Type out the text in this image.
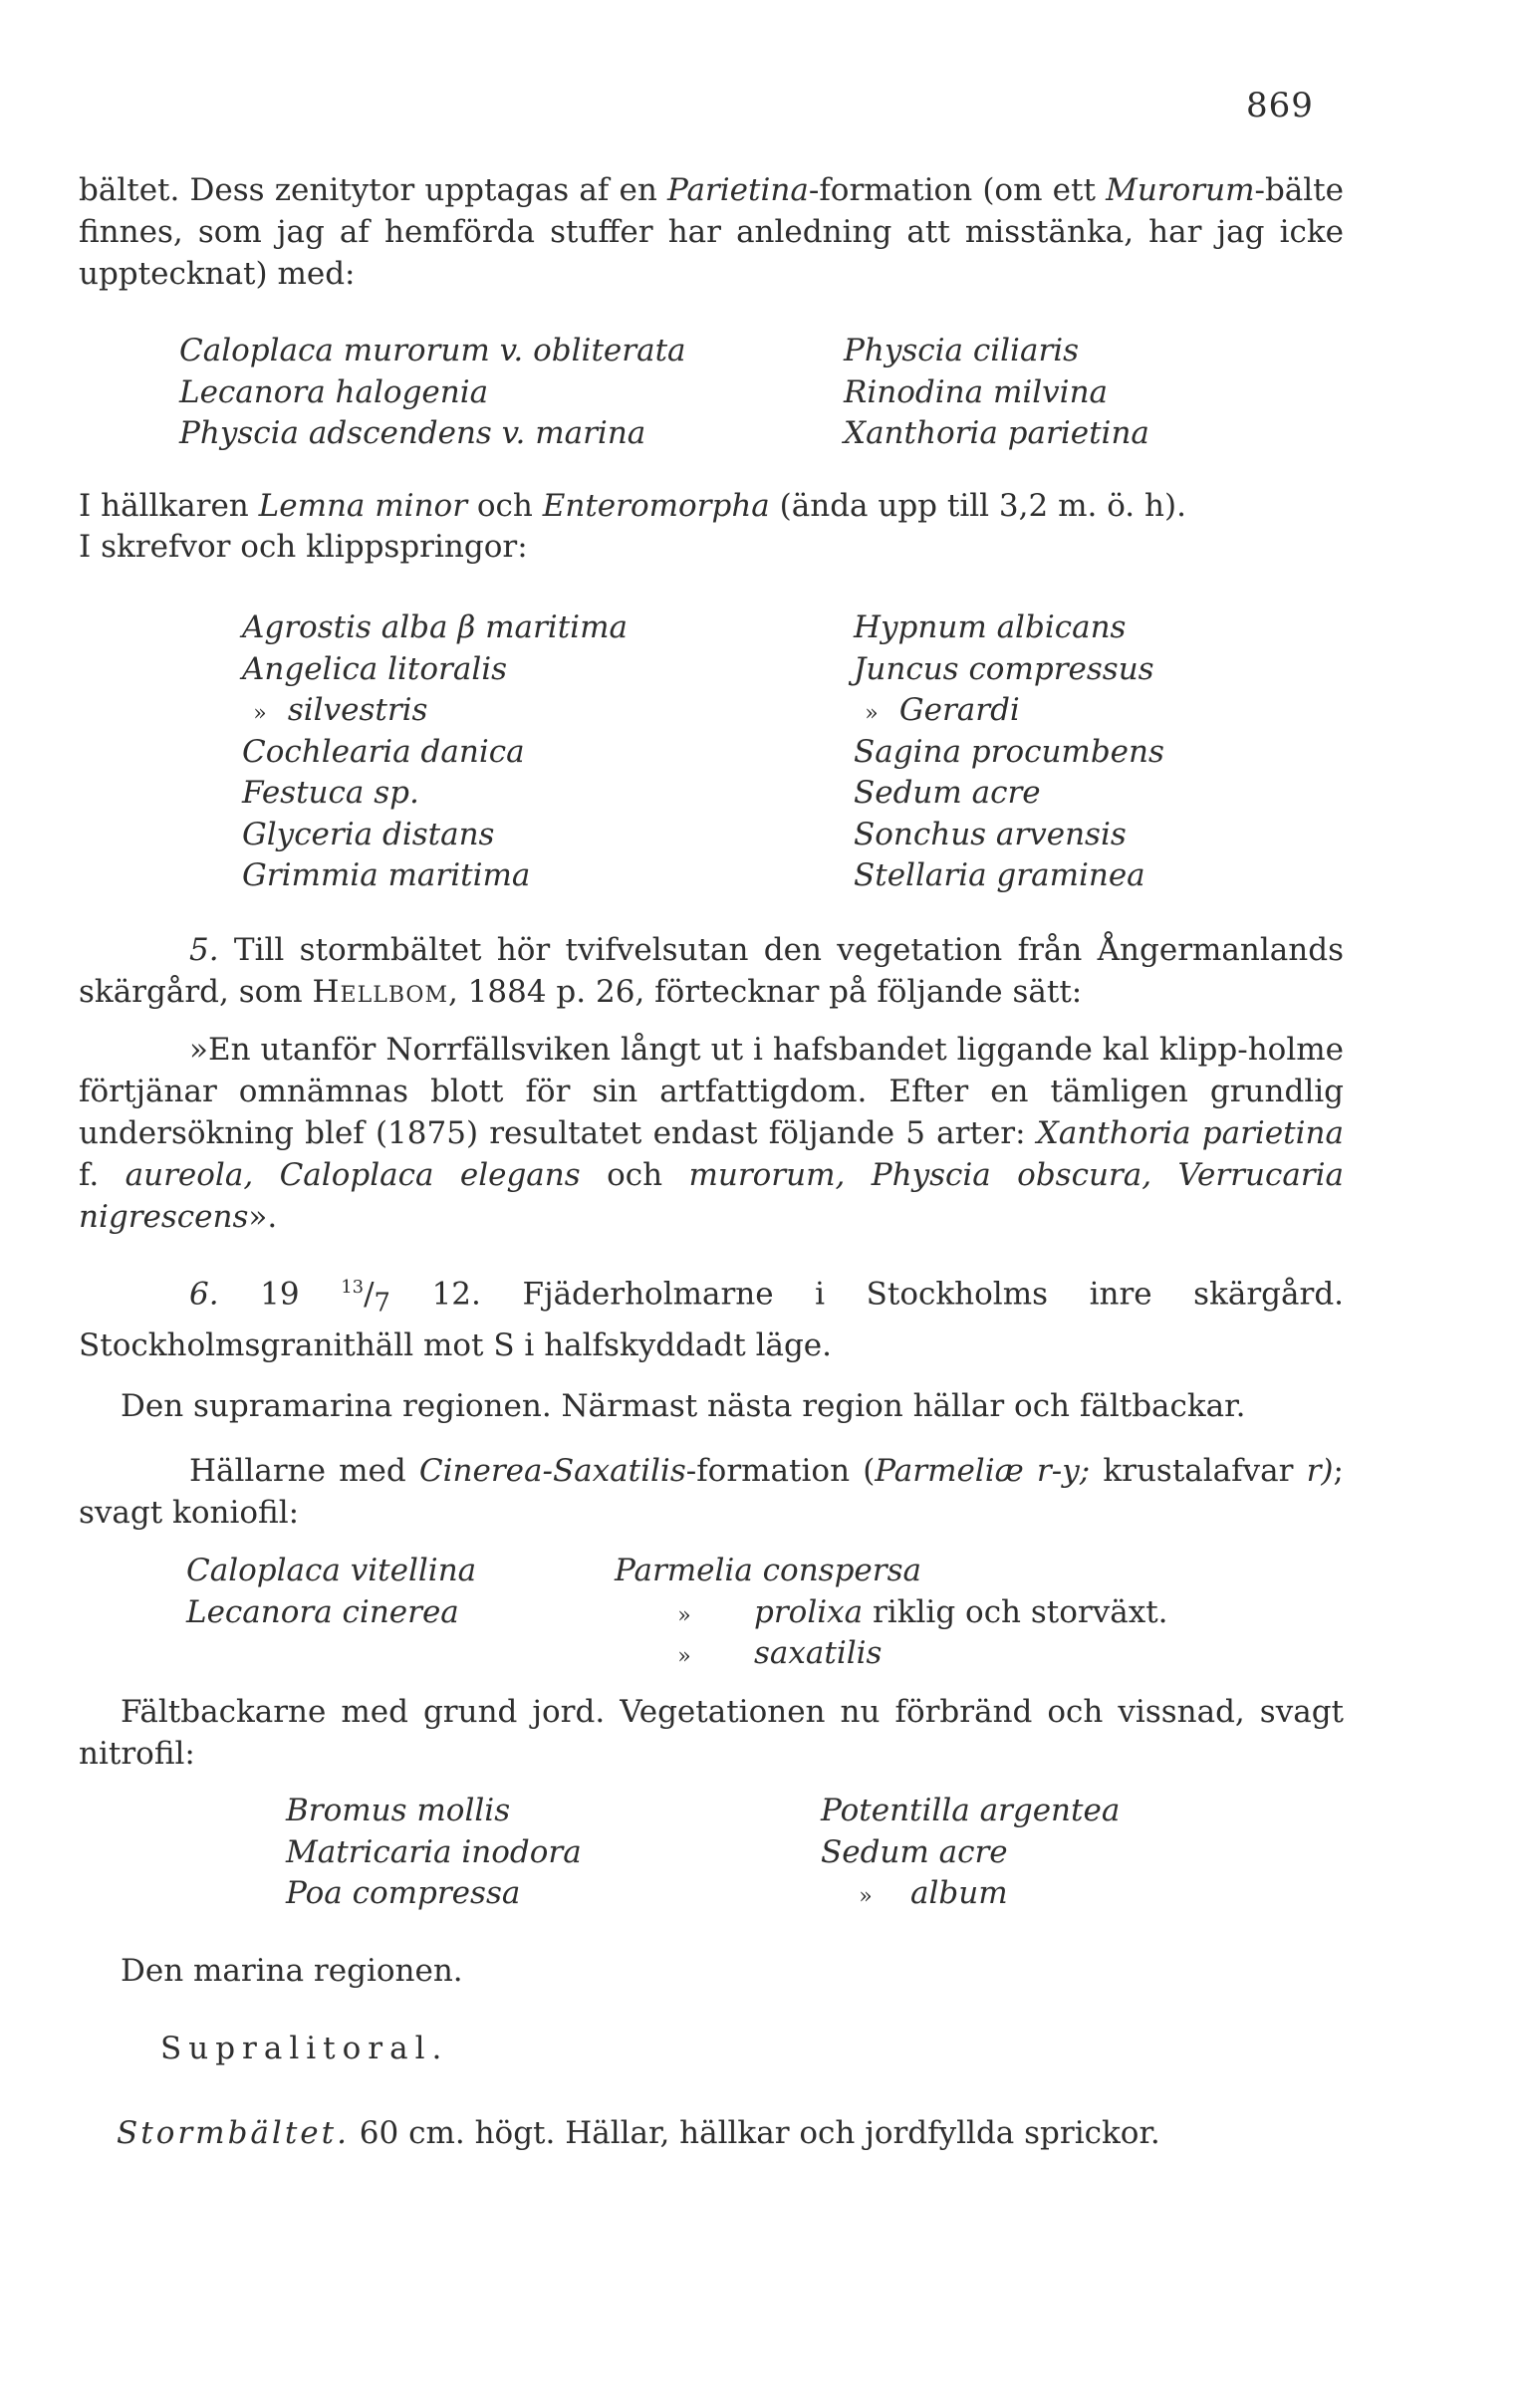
869
bältet. Dess zenitytor upptagas af en Parietina-formation (om ett Murorum-bälte finnes, som jag af hemförda stuffer har anledning att misstänka, har jag icke upptecknat) med:
Caloplaca murorum v. obliterata
Lecanora halogenia
Physcia adscendens v. marina
Physcia ciliaris
Rinodina milvina
Xanthoria parietina
I hällkaren Lemna minor och Enteromorpha (ända upp till 3,2 m. ö. h).
I skrefvor och klippspringor:
Agrostis alba β maritima
Angelica litoralis
» silvestris
Cochlearia danica
Festuca sp.
Glyceria distans
Grimmia maritima
Hypnum albicans
Juncus compressus
» Gerardi
Sagina procumbens
Sedum acre
Sonchus arvensis
Stellaria graminea
5. Till stormbältet hör tvifvelsutan den vegetation från Ångermanlands skärgård, som Hellbom, 1884 p. 26, förtecknar på följande sätt:
»En utanför Norrfällsviken långt ut i hafsbandet liggande kal klipp-holme förtjänar omnämnas blott för sin artfattigdom. Efter en tämligen grundlig undersökning blef (1875) resultatet endast följande 5 arter: Xanthoria parietina f. aureola, Caloplaca elegans och murorum, Physcia obscura, Verrucaria nigrescens».
6. 19 $^{13}/_7$ 12. Fjäderholmarne i Stockholms inre skärgård. Stockholmsgranithäll mot S i halfskyddadt läge.
Den supramarina regionen. Närmast nästa region hällar och fältbackar.
Hällarne med Cinerea-Saxatilis-formation (Parmeliæ r-y; krustalafvar r); svagt koniofil:
Caloplaca vitellina
Lecanora cinerea
Parmelia conspersa
» prolixa riklig och storväxt.
» saxatilis
Fältbackarne med grund jord. Vegetationen nu förbränd och vissnad, svagt nitrofil:
Bromus mollis
Matricaria inodora
Poa compressa
Potentilla argentea
Sedum acre
» album
Den marina regionen.
Supralitoral.
Stormbältet. 60 cm. högt. Hällar, hällkar och jordfyllda sprickor.
